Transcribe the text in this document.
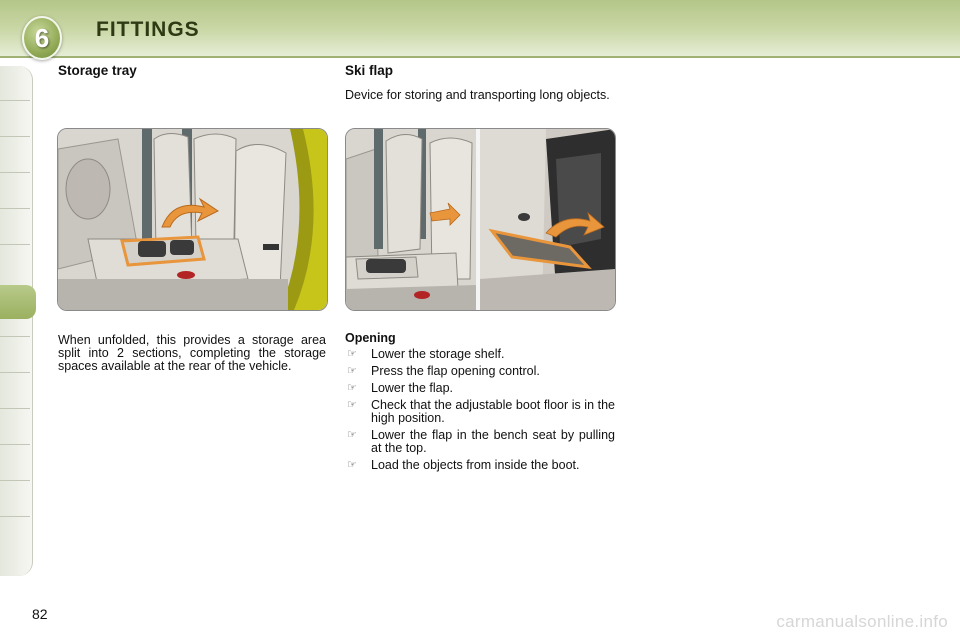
6	FITTINGS
Storage tray
When unfolded, this provides a storage area split into 2 sections, completing the storage spaces available at the rear of the vehicle.
Ski flap
Device for storing and transporting long objects.
Opening
☞	Lower the storage shelf.
☞	Press the flap opening control.
☞	Lower the flap.
☞	Check that the adjustable boot floor is in the high position.
☞	Lower the flap in the bench seat by pulling at the top.
☞	Load the objects from inside the boot.
82	carmanualsonline.info
